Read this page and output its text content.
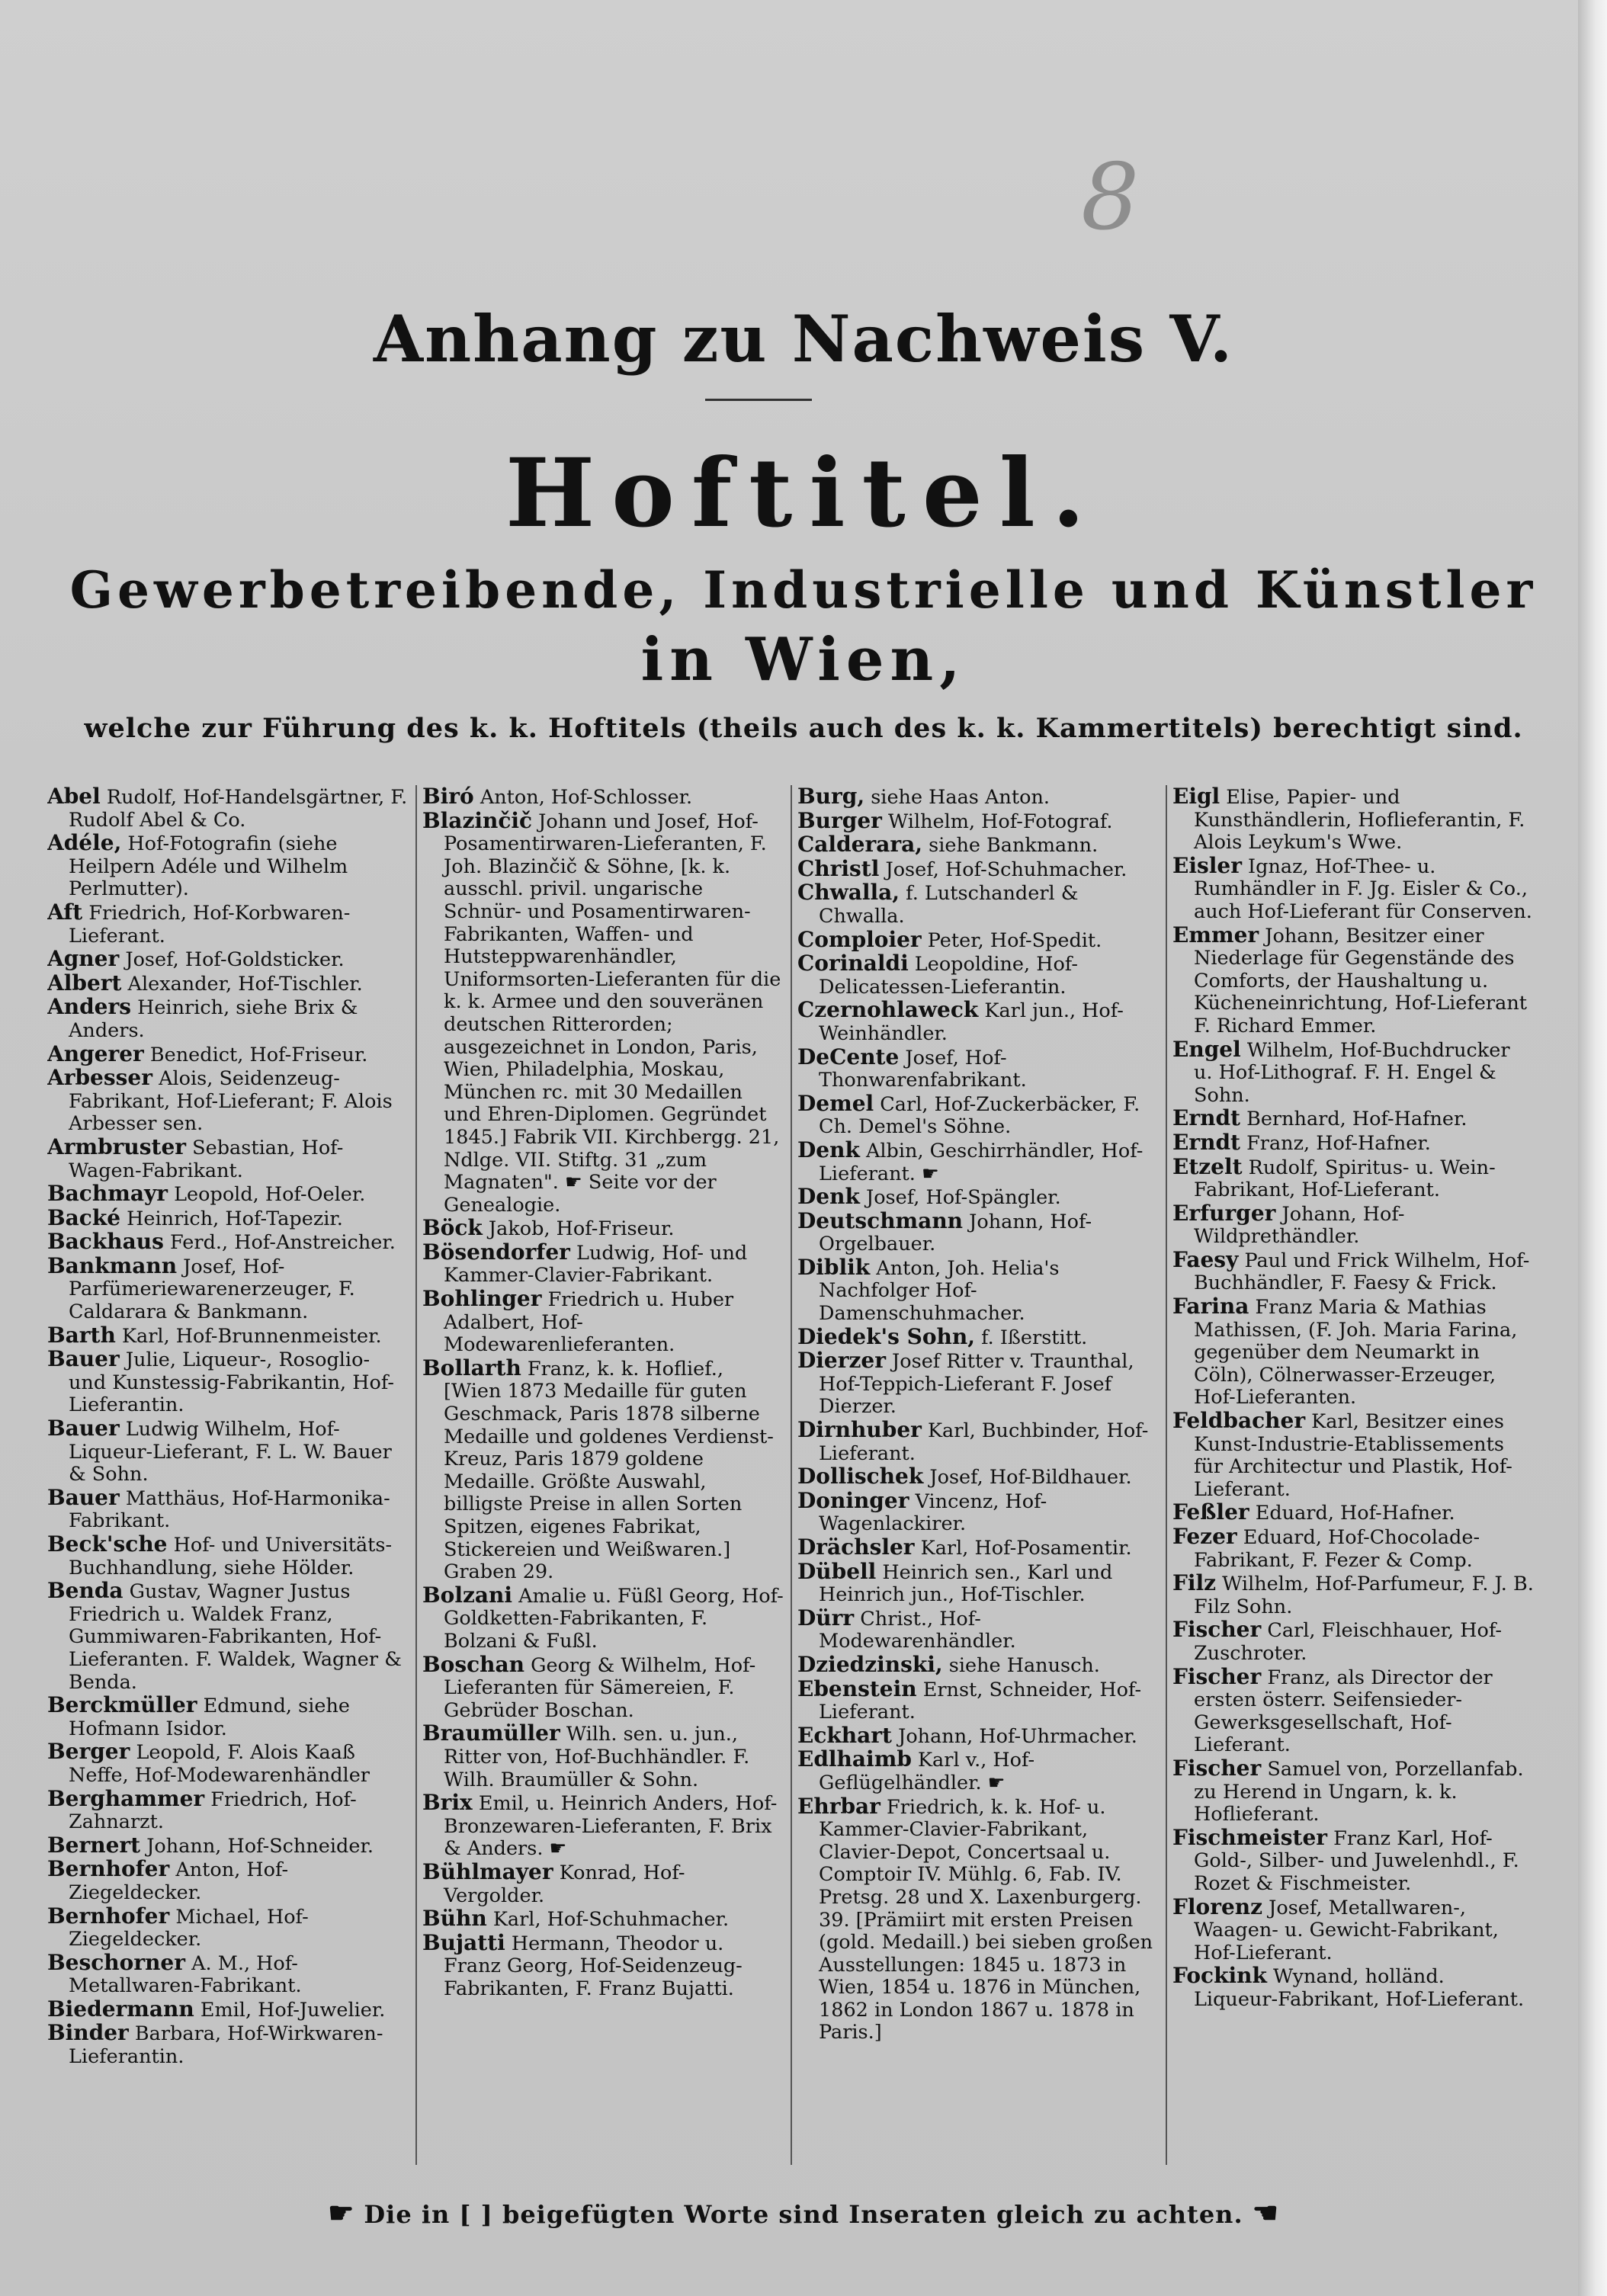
8
Anhang zu Nachweis V.
Hoftitel.
Gewerbetreibende, Industrielle und Künstler
in Wien,
welche zur Führung des k. k. Hoftitels (theils auch des k. k. Kammertitels) berechtigt sind.

Abel Rudolf, Hof-Handelsgärtner, F. Rudolf Abel & Co.

Adéle, Hof-Fotografin (siehe Heilpern Adéle und Wilhelm Perlmutter).

Aft Friedrich, Hof-Korbwaren-Lieferant.

Agner Josef, Hof-Goldsticker.

Albert Alexander, Hof-Tischler.

Anders Heinrich, siehe Brix & Anders.

Angerer Benedict, Hof-Friseur.

Arbesser Alois, Seidenzeug-Fabrikant, Hof-Lieferant; F. Alois Arbesser sen.

Armbruster Sebastian, Hof-Wagen-Fabrikant.

Bachmayr Leopold, Hof-Oeler.

Backé Heinrich, Hof-Tapezir.

Backhaus Ferd., Hof-Anstreicher.

Bankmann Josef, Hof-Parfümeriewarenerzeuger, F. Caldarara & Bankmann.

Barth Karl, Hof-Brunnenmeister.

Bauer Julie, Liqueur-, Rosoglio- und Kunstessig-Fabrikantin, Hof-Lieferantin.

Bauer Ludwig Wilhelm, Hof-Liqueur-Lieferant, F. L. W. Bauer & Sohn.

Bauer Matthäus, Hof-Harmonika-Fabrikant.

Beck'sche Hof- und Universitäts-Buchhandlung, siehe Hölder.

Benda Gustav, Wagner Justus Friedrich u. Waldek Franz, Gummiwaren-Fabrikanten, Hof-Lieferanten. F. Waldek, Wagner & Benda.

Berckmüller Edmund, siehe Hofmann Isidor.

Berger Leopold, F. Alois Kaaß Neffe, Hof-Modewarenhändler

Berghammer Friedrich, Hof-Zahnarzt.

Bernert Johann, Hof-Schneider.

Bernhofer Anton, Hof-Ziegeldecker.

Bernhofer Michael, Hof-Ziegeldecker.

Beschorner A. M., Hof-Metallwaren-Fabrikant.

Biedermann Emil, Hof-Juwelier.

Binder Barbara, Hof-Wirkwaren-Lieferantin.

Biró Anton, Hof-Schlosser.

Blazinčič Johann und Josef, Hof-Posamentirwaren-Lieferanten, F. Joh. Blazinčič & Söhne, [k. k. ausschl. privil. ungarische Schnür- und Posamentirwaren-Fabrikanten, Waffen- und Hutsteppwarenhändler, Uniformsorten-Lieferanten für die k. k. Armee und den souveränen deutschen Ritterorden; ausgezeichnet in London, Paris, Wien, Philadelphia, Moskau, München rc. mit 30 Medaillen und Ehren-Diplomen. Gegründet 1845.] Fabrik VII. Kirchbergg. 21, Ndlge. VII. Stiftg. 31 „zum Magnaten". ☛ Seite vor der Genealogie.

Böck Jakob, Hof-Friseur.

Bösendorfer Ludwig, Hof- und Kammer-Clavier-Fabrikant.

Bohlinger Friedrich u. Huber Adalbert, Hof-Modewarenlieferanten.

Bollarth Franz, k. k. Hoflief., [Wien 1873 Medaille für guten Geschmack, Paris 1878 silberne Medaille und goldenes Verdienst-Kreuz, Paris 1879 goldene Medaille. Größte Auswahl, billigste Preise in allen Sorten Spitzen, eigenes Fabrikat, Stickereien und Weißwaren.] Graben 29.

Bolzani Amalie u. Füßl Georg, Hof-Goldketten-Fabrikanten, F. Bolzani & Fußl.

Boschan Georg & Wilhelm, Hof-Lieferanten für Sämereien, F. Gebrüder Boschan.

Braumüller Wilh. sen. u. jun., Ritter von, Hof-Buchhändler. F. Wilh. Braumüller & Sohn.

Brix Emil, u. Heinrich Anders, Hof-Bronzewaren-Lieferanten, F. Brix & Anders. ☛

Bühlmayer Konrad, Hof-Vergolder.

Bühn Karl, Hof-Schuhmacher.

Bujatti Hermann, Theodor u. Franz Georg, Hof-Seidenzeug-Fabrikanten, F. Franz Bujatti.

Burg, siehe Haas Anton.

Burger Wilhelm, Hof-Fotograf.

Calderara, siehe Bankmann.

Christl Josef, Hof-Schuhmacher.

Chwalla, f. Lutschanderl & Chwalla.

Comploier Peter, Hof-Spedit.

Corinaldi Leopoldine, Hof-Delicatessen-Lieferantin.

Czernohlaweck Karl jun., Hof-Weinhändler.

DeCente Josef, Hof-Thonwarenfabrikant.

Demel Carl, Hof-Zuckerbäcker, F. Ch. Demel's Söhne.

Denk Albin, Geschirrhändler, Hof-Lieferant. ☛

Denk Josef, Hof-Spängler.

Deutschmann Johann, Hof-Orgelbauer.

Diblik Anton, Joh. Helia's Nachfolger Hof-Damenschuhmacher.

Diedek's Sohn, f. Ißerstitt.

Dierzer Josef Ritter v. Traunthal, Hof-Teppich-Lieferant F. Josef Dierzer.

Dirnhuber Karl, Buchbinder, Hof-Lieferant.

Dollischek Josef, Hof-Bildhauer.

Doninger Vincenz, Hof-Wagenlackirer.

Drächsler Karl, Hof-Posamentir.

Dübell Heinrich sen., Karl und Heinrich jun., Hof-Tischler.

Dürr Christ., Hof-Modewarenhändler.

Dziedzinski, siehe Hanusch.

Ebenstein Ernst, Schneider, Hof-Lieferant.

Eckhart Johann, Hof-Uhrmacher.

Edlhaimb Karl v., Hof-Geflügelhändler. ☛

Ehrbar Friedrich, k. k. Hof- u. Kammer-Clavier-Fabrikant, Clavier-Depot, Concertsaal u. Comptoir IV. Mühlg. 6, Fab. IV. Pretsg. 28 und X. Laxenburgerg. 39. [Prämiirt mit ersten Preisen (gold. Medaill.) bei sieben großen Ausstellungen: 1845 u. 1873 in Wien, 1854 u. 1876 in München, 1862 in London 1867 u. 1878 in Paris.]

Eigl Elise, Papier- und Kunsthändlerin, Hoflieferantin, F. Alois Leykum's Wwe.

Eisler Ignaz, Hof-Thee- u. Rumhändler in F. Jg. Eisler & Co., auch Hof-Lieferant für Conserven.

Emmer Johann, Besitzer einer Niederlage für Gegenstände des Comforts, der Haushaltung u. Kücheneinrichtung, Hof-Lieferant F. Richard Emmer.

Engel Wilhelm, Hof-Buchdrucker u. Hof-Lithograf. F. H. Engel & Sohn.

Erndt Bernhard, Hof-Hafner.

Erndt Franz, Hof-Hafner.

Etzelt Rudolf, Spiritus- u. Wein-Fabrikant, Hof-Lieferant.

Erfurger Johann, Hof-Wildprethändler.

Faesy Paul und Frick Wilhelm, Hof-Buchhändler, F. Faesy & Frick.

Farina Franz Maria & Mathias Mathissen, (F. Joh. Maria Farina, gegenüber dem Neumarkt in Cöln), Cölnerwasser-Erzeuger, Hof-Lieferanten.

Feldbacher Karl, Besitzer eines Kunst-Industrie-Etablissements für Architectur und Plastik, Hof-Lieferant.

Feßler Eduard, Hof-Hafner.

Fezer Eduard, Hof-Chocolade-Fabrikant, F. Fezer & Comp.

Filz Wilhelm, Hof-Parfumeur, F. J. B. Filz Sohn.

Fischer Carl, Fleischhauer, Hof-Zuschroter.

Fischer Franz, als Director der ersten österr. Seifensieder-Gewerksgesellschaft, Hof-Lieferant.

Fischer Samuel von, Porzellanfab. zu Herend in Ungarn, k. k. Hoflieferant.

Fischmeister Franz Karl, Hof-Gold-, Silber- und Juwelenhdl., F. Rozet & Fischmeister.

Florenz Josef, Metallwaren-, Waagen- u. Gewicht-Fabrikant, Hof-Lieferant.

Fockink Wynand, holländ. Liqueur-Fabrikant, Hof-Lieferant.

☛ Die in [ ] beigefügten Worte sind Inseraten gleich zu achten. ☚
